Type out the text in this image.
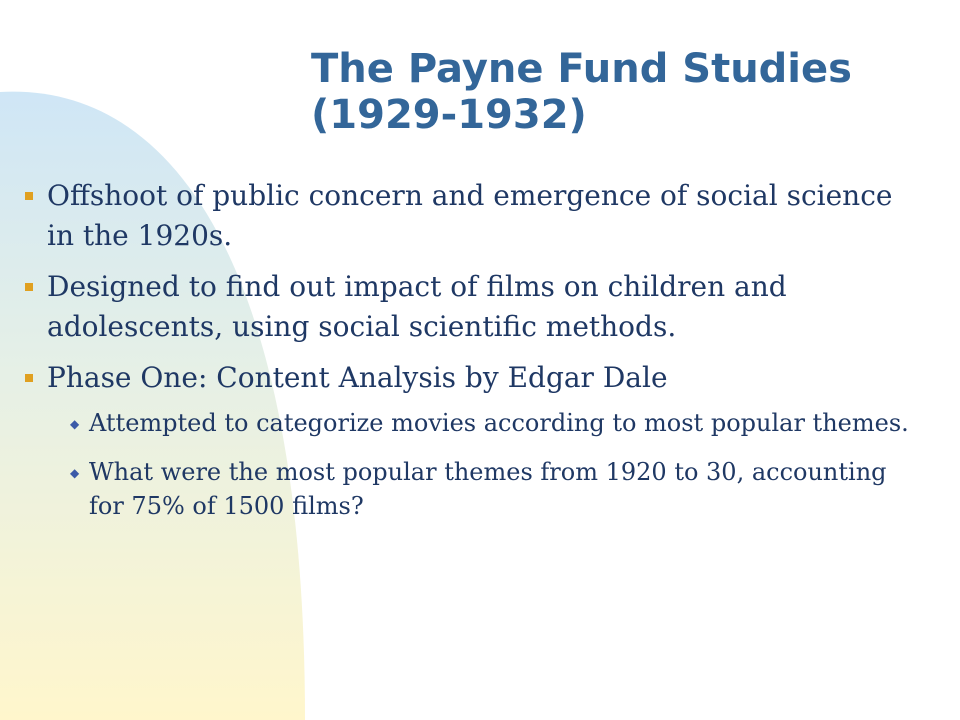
The Payne Fund Studies
(1929-1932)
Offshoot of public concern and emergence of social science in the 1920s.
Designed to find out impact of films on children and adolescents, using social scientific methods.
Phase One: Content Analysis by Edgar Dale
◆ Attempted to categorize movies according to most popular themes.
◆ What were the most popular themes from 1920 to 30, accounting for 75% of 1500 films?
